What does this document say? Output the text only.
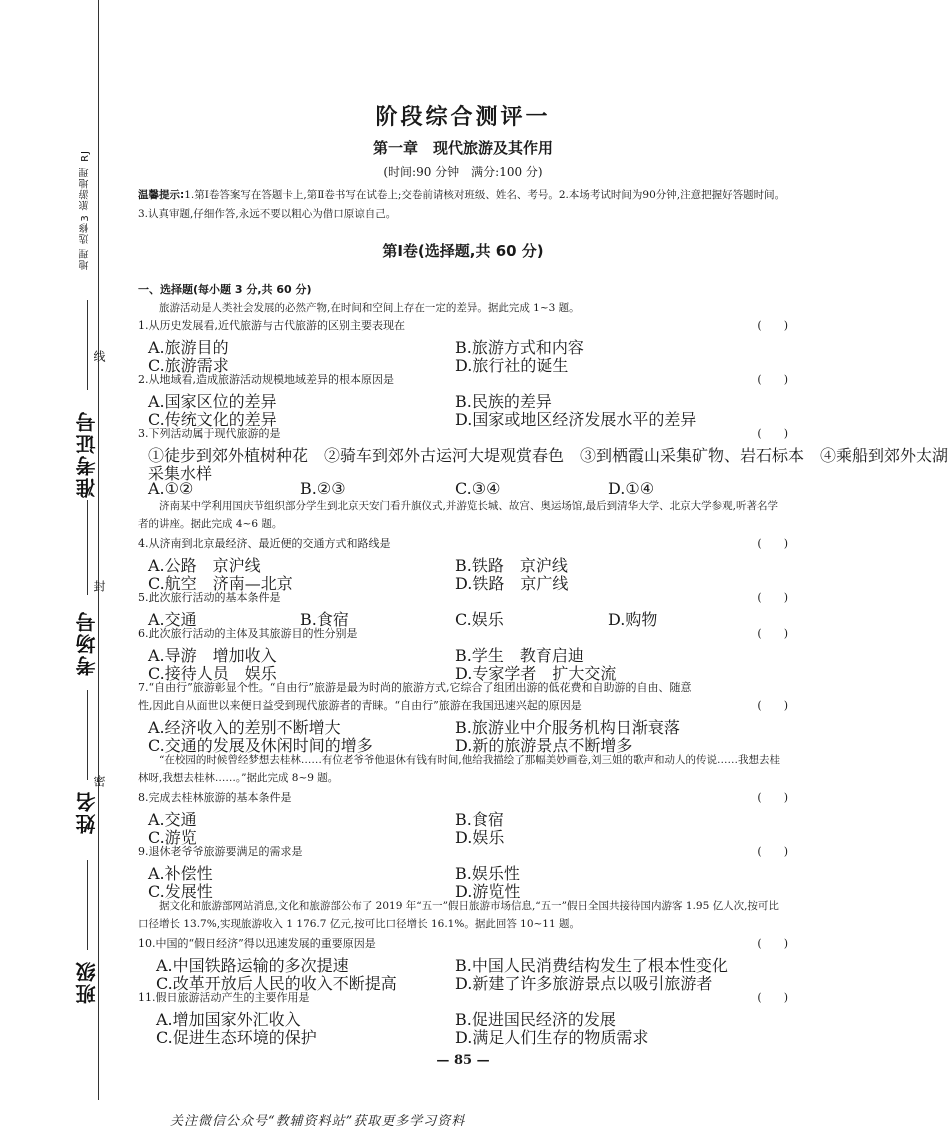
地理 选修3 旅游地理 RJ
准考证号
线
考场号
封
姓名
密
班级
阶段综合测评一
第一章　现代旅游及其作用
(时间:90 分钟　满分:100 分)
温馨提示:1.第Ⅰ卷答案写在答题卡上,第Ⅱ卷书写在试卷上;交卷前请核对班级、姓名、考号。2.本场考试时间为90分钟,注意把握好答题时间。3.认真审题,仔细作答,永远不要以粗心为借口原谅自己。
第Ⅰ卷(选择题,共 60 分)
一、选择题(每小题 3 分,共 60 分)
旅游活动是人类社会发展的必然产物,在时间和空间上存在一定的差异。据此完成 1~3 题。
1.从历史发展看,近代旅游与古代旅游的区别主要表现在	(　　)
A.旅游目的	B.旅游方式和内容
C.旅游需求	D.旅行社的诞生
2.从地域看,造成旅游活动规模地域差异的根本原因是	(　　)
A.国家区位的差异	B.民族的差异
C.传统文化的差异	D.国家或地区经济发展水平的差异
3.下列活动属于现代旅游的是	(　　)
①徒步到郊外植树种花　②骑车到郊外古运河大堤观赏春色　③到栖霞山采集矿物、岩石标本　④乘船到郊外太湖
采集水样
A.①②	B.②③	C.③④	D.①④
济南某中学利用国庆节组织部分学生到北京天安门看升旗仪式,并游览长城、故宫、奥运场馆,最后到清华大学、北京大学参观,听著名学者的讲座。据此完成 4~6 题。
4.从济南到北京最经济、最近便的交通方式和路线是	(　　)
A.公路　京沪线	B.铁路　京沪线
C.航空　济南—北京	D.铁路　京广线
5.此次旅行活动的基本条件是	(　　)
A.交通	B.食宿	C.娱乐	D.购物
6.此次旅行活动的主体及其旅游目的性分别是	(　　)
A.导游　增加收入	B.学生　教育启迪
C.接待人员　娱乐	D.专家学者　扩大交流
7.“自由行”旅游彰显个性。“自由行”旅游是最为时尚的旅游方式,它综合了组团出游的低花费和自助游的自由、随意
性,因此自从面世以来便日益受到现代旅游者的青睐。“自由行”旅游在我国迅速兴起的原因是	(　　)
A.经济收入的差别不断增大	B.旅游业中介服务机构日渐衰落
C.交通的发展及休闲时间的增多	D.新的旅游景点不断增多
“在校园的时候曾经梦想去桂林……有位老爷爷他退休有钱有时间,他给我描绘了那幅美妙画卷,刘三姐的歌声和动人的传说……我想去桂林呀,我想去桂林……。”据此完成 8~9 题。
8.完成去桂林旅游的基本条件是	(　　)
A.交通	B.食宿
C.游览	D.娱乐
9.退休老爷爷旅游要满足的需求是	(　　)
A.补偿性	B.娱乐性
C.发展性	D.游览性
据文化和旅游部网站消息,文化和旅游部公布了 2019 年“五一”假日旅游市场信息,“五一”假日全国共接待国内游客 1.95 亿人次,按可比口径增长 13.7%,实现旅游收入 1 176.7 亿元,按可比口径增长 16.1%。据此回答 10~11 题。
10.中国的“假日经济”得以迅速发展的重要原因是	(　　)
A.中国铁路运输的多次提速	B.中国人民消费结构发生了根本性变化
C.改革开放后人民的收入不断提高	D.新建了许多旅游景点以吸引旅游者
11.假日旅游活动产生的主要作用是	(　　)
A.增加国家外汇收入	B.促进国民经济的发展
C.促进生态环境的保护	D.满足人们生存的物质需求
— 85 —
关注微信公众号“教辅资料站”获取更多学习资料
